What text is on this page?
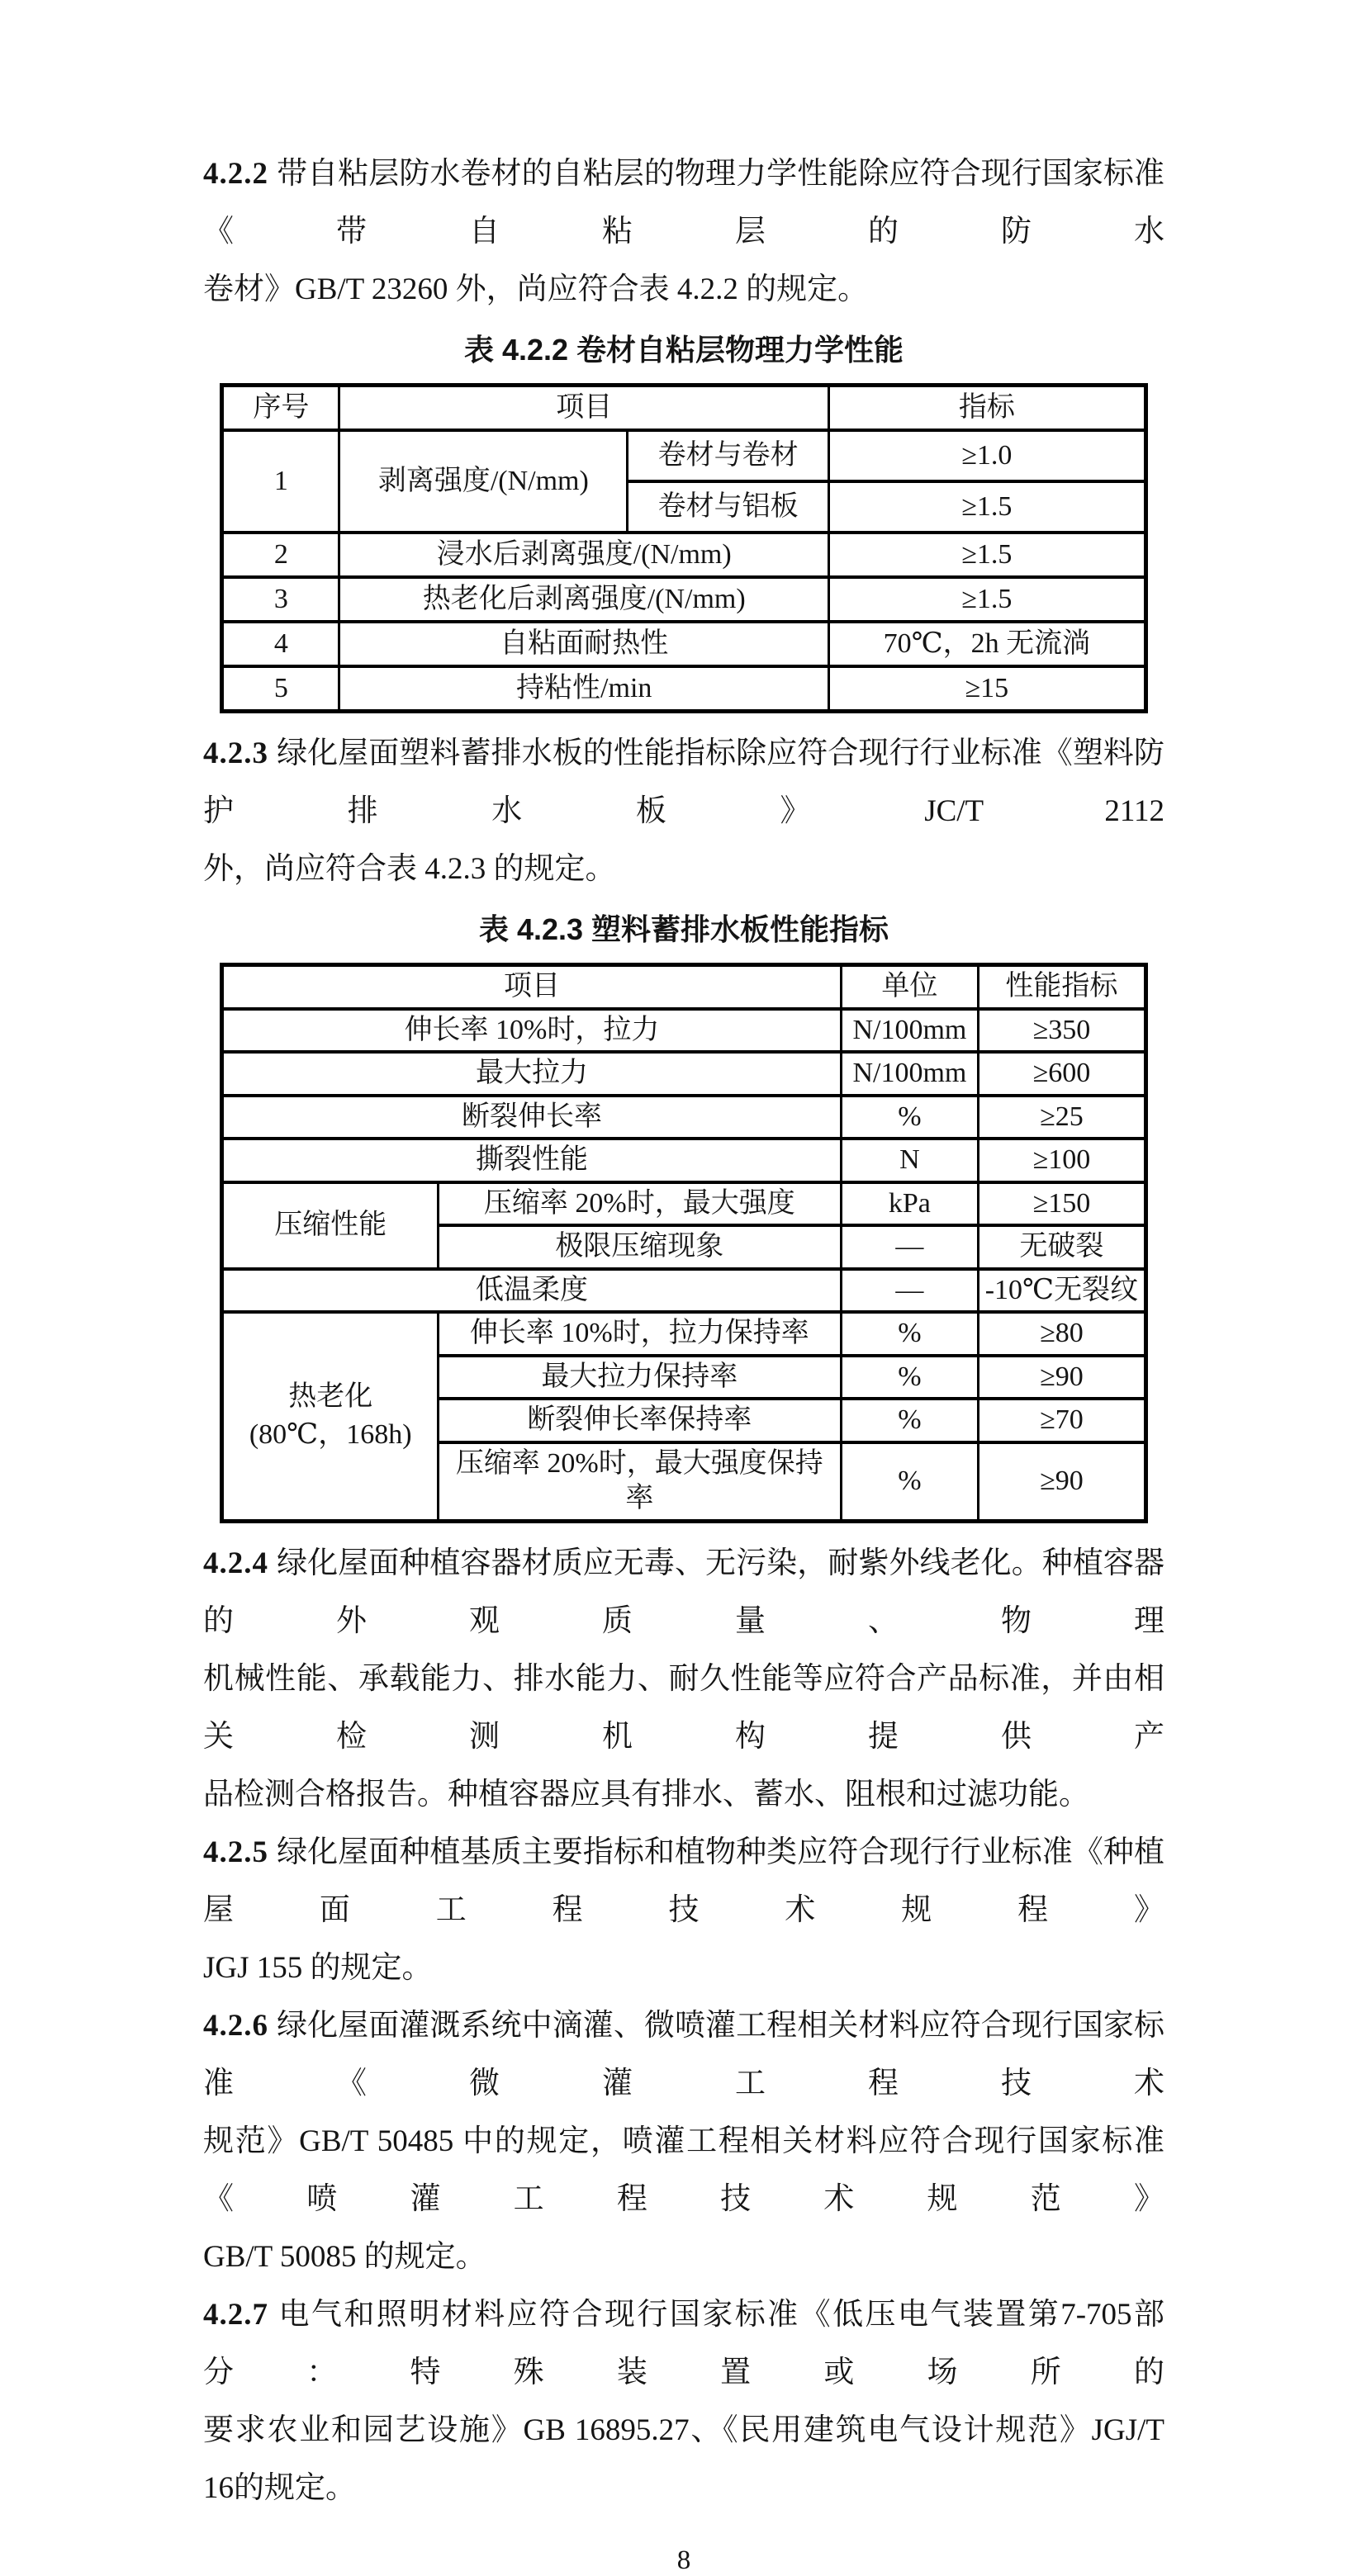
4.2.2 带自粘层防水卷材的自粘层的物理力学性能除应符合现行国家标准《带自粘层的防水
卷材》GB/T 23260 外，尚应符合表 4.2.2 的规定。
表 4.2.2 卷材自粘层物理力学性能
序号	项目		指标
1	剥离强度/(N/mm)	卷材与卷材	≥1.0
		卷材与铝板	≥1.5
2	浸水后剥离强度/(N/mm)		≥1.5
3	热老化后剥离强度/(N/mm)		≥1.5
4	自粘面耐热性		70℃，2h 无流淌
5	持粘性/min		≥15
4.2.3 绿化屋面塑料蓄排水板的性能指标除应符合现行行业标准《塑料防护排水板》JC/T 2112
外，尚应符合表 4.2.3 的规定。
表 4.2.3 塑料蓄排水板性能指标
项目		单位	性能指标
伸长率 10%时，拉力		N/100mm	≥350
最大拉力		N/100mm	≥600
断裂伸长率		%	≥25
撕裂性能		N	≥100
压缩性能	压缩率 20%时，最大强度	kPa	≥150
	极限压缩现象	—	无破裂
低温柔度		—	-10℃无裂纹

热老化
(80℃，168h)	伸长率 10%时，拉力保持率	%	≥80
	最大拉力保持率	%	≥90
	断裂伸长率保持率	%	≥70
	压缩率 20%时，最大强度保持率	%	≥90
4.2.4 绿化屋面种植容器材质应无毒、无污染，耐紫外线老化。种植容器的外观质量、物理
机械性能、承载能力、排水能力、耐久性能等应符合产品标准，并由相关检测机构提供产
品检测合格报告。种植容器应具有排水、蓄水、阻根和过滤功能。
4.2.5 绿化屋面种植基质主要指标和植物种类应符合现行行业标准《种植屋面工程技术规程》
JGJ 155 的规定。
4.2.6 绿化屋面灌溉系统中滴灌、微喷灌工程相关材料应符合现行国家标准《微灌工程技术
规范》GB/T 50485 中的规定，喷灌工程相关材料应符合现行国家标准《喷灌工程技术规范》
GB/T 50085 的规定。
4.2.7 电气和照明材料应符合现行国家标准《低压电气装置第7-705部分：特殊装置或场所的
要求农业和园艺设施》GB 16895.27、《民用建筑电气设计规范》JGJ/T 16的规定。
8
